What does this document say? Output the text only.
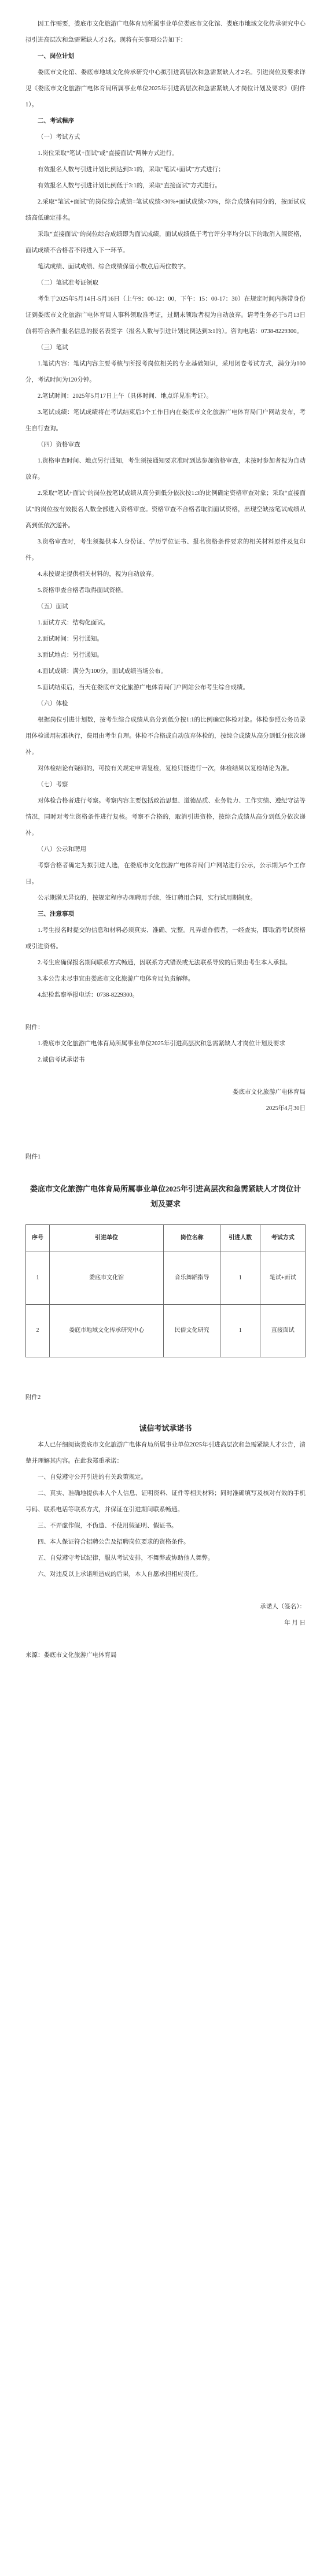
因工作需要，娄底市文化旅游广电体育局所属事业单位娄底市文化馆、娄底市地域文化传承研究中心拟引进高层次和急需紧缺人才2名。现将有关事项公告如下：

一、岗位计划

娄底市文化馆、娄底市地域文化传承研究中心拟引进高层次和急需紧缺人才2名。引进岗位及要求详见《娄底市文化旅游广电体育局所属事业单位2025年引进高层次和急需紧缺人才岗位计划及要求》（附件1）。

二、考试程序

（一）考试方式

1.岗位采取“笔试+面试”或“直接面试”两种方式进行。

有效报名人数与引进计划比例达到3:1的，采取“笔试+面试”方式进行；

有效报名人数与引进计划比例低于3:1的，采取“直接面试”方式进行。

2.采取“笔试+面试”的岗位综合成绩=笔试成绩×30%+面试成绩×70%，综合成绩有同分的，按面试成绩高低确定排名。

采取“直接面试”的岗位综合成绩即为面试成绩，面试成绩低于考官评分平均分以下的取消入闱资格，面试成绩不合格者不得进入下一环节。

笔试成绩、面试成绩、综合成绩保留小数点后两位数字。

（二）笔试准考证领取

考生于2025年5月14日-5月16日（上午9：00-12：00，下午：15：00-17：30）在规定时间内携带身份证到娄底市文化旅游广电体育局人事科领取准考证，过期未领取者视为自动放弃。请考生务必于5月13日前将符合条件报名信息的报名表签字（报名人数与引进计划比例达到3:1的）。咨询电话：0738-8229300。

（三）笔试

1.笔试内容：笔试内容主要考核与所报考岗位相关的专业基础知识，采用闭卷考试方式，满分为100分，考试时间为120分钟。

2.笔试时间：2025年5月17日上午（具体时间、地点详见准考证）。

3.笔试成绩：笔试成绩将在考试结束后3个工作日内在娄底市文化旅游广电体育局门户网站发布，考生自行查询。

（四）资格审查

1.资格审查时间、地点另行通知，考生须按通知要求准时到达参加资格审查，未按时参加者视为自动放弃。

2.采取“笔试+面试”的岗位按笔试成绩从高分到低分依次按1:3的比例确定资格审查对象；采取“直接面试”的岗位按有效报名人数全部进入资格审查。资格审查不合格者取消面试资格，出现空缺按笔试成绩从高到低依次递补。

3.资格审查时，考生须提供本人身份证、学历学位证书、报名资格条件要求的相关材料原件及复印件。

4.未按规定提供相关材料的，视为自动放弃。

5.资格审查合格者取得面试资格。

（五）面试

1.面试方式：结构化面试。

2.面试时间：另行通知。

3.面试地点：另行通知。

4.面试成绩：满分为100分，面试成绩当场公布。

5.面试结束后，当天在娄底市文化旅游广电体育局门户网站公布考生综合成绩。

（六）体检

根据岗位引进计划数，按考生综合成绩从高分到低分按1:1的比例确定体检对象。体检参照公务员录用体检通用标准执行，费用由考生自理。体检不合格或自动放弃体检的，按综合成绩从高分到低分依次递补。

对体检结论有疑问的，可按有关规定申请复检，复检只能进行一次，体检结果以复检结论为准。

（七）考察

对体检合格者进行考察。考察内容主要包括政治思想、道德品质、业务能力、工作实绩、遵纪守法等情况，同时对考生资格条件进行复核。考察不合格的，取消引进资格，按综合成绩从高分到低分依次递补。

（八）公示和聘用

考察合格者确定为拟引进人选，在娄底市文化旅游广电体育局门户网站进行公示，公示期为5个工作日。

公示期满无异议的，按规定程序办理聘用手续，签订聘用合同，实行试用期制度。

三、注意事项

1.考生报名时提交的信息和材料必须真实、准确、完整。凡弄虚作假者，一经查实，即取消考试资格或引进资格。

2.考生应确保报名期间联系方式畅通，因联系方式错误或无法联系导致的后果由考生本人承担。

3.本公告未尽事宜由娄底市文化旅游广电体育局负责解释。

4.纪检监察举报电话：0738-8229300。

附件：

1.娄底市文化旅游广电体育局所属事业单位2025年引进高层次和急需紧缺人才岗位计划及要求

2.诚信考试承诺书

娄底市文化旅游广电体育局

2025年4月30日

附件1

娄底市文化旅游广电体育局所属事业单位2025年引进高层次和急需紧缺人才岗位计划及要求

序号	引进单位	岗位名称	引进人数	考试方式
1	娄底市文化馆	音乐舞蹈指导	1	笔试+面试
2	娄底市地域文化传承研究中心	民俗文化研究	1	直接面试

附件2

诚信考试承诺书

本人已仔细阅读娄底市文化旅游广电体育局所属事业单位2025年引进高层次和急需紧缺人才公告，清楚并理解其内容。在此我郑重承诺：

一、自觉遵守公开引进的有关政策规定。

二、真实、准确地提供本人个人信息、证明资料、证件等相关材料；同时准确填写及核对有效的手机号码、联系电话等联系方式，并保证在引进期间联系畅通。

三、不弄虚作假，不伪造、不使用假证明、假证书。

四、本人保证符合招聘公告及招聘岗位要求的资格条件。

五、自觉遵守考试纪律，服从考试安排，不舞弊或协助他人舞弊。

六、对违反以上承诺所造成的后果，本人自愿承担相应责任。

承诺人（签名）：

年 月 日

来源：娄底市文化旅游广电体育局
